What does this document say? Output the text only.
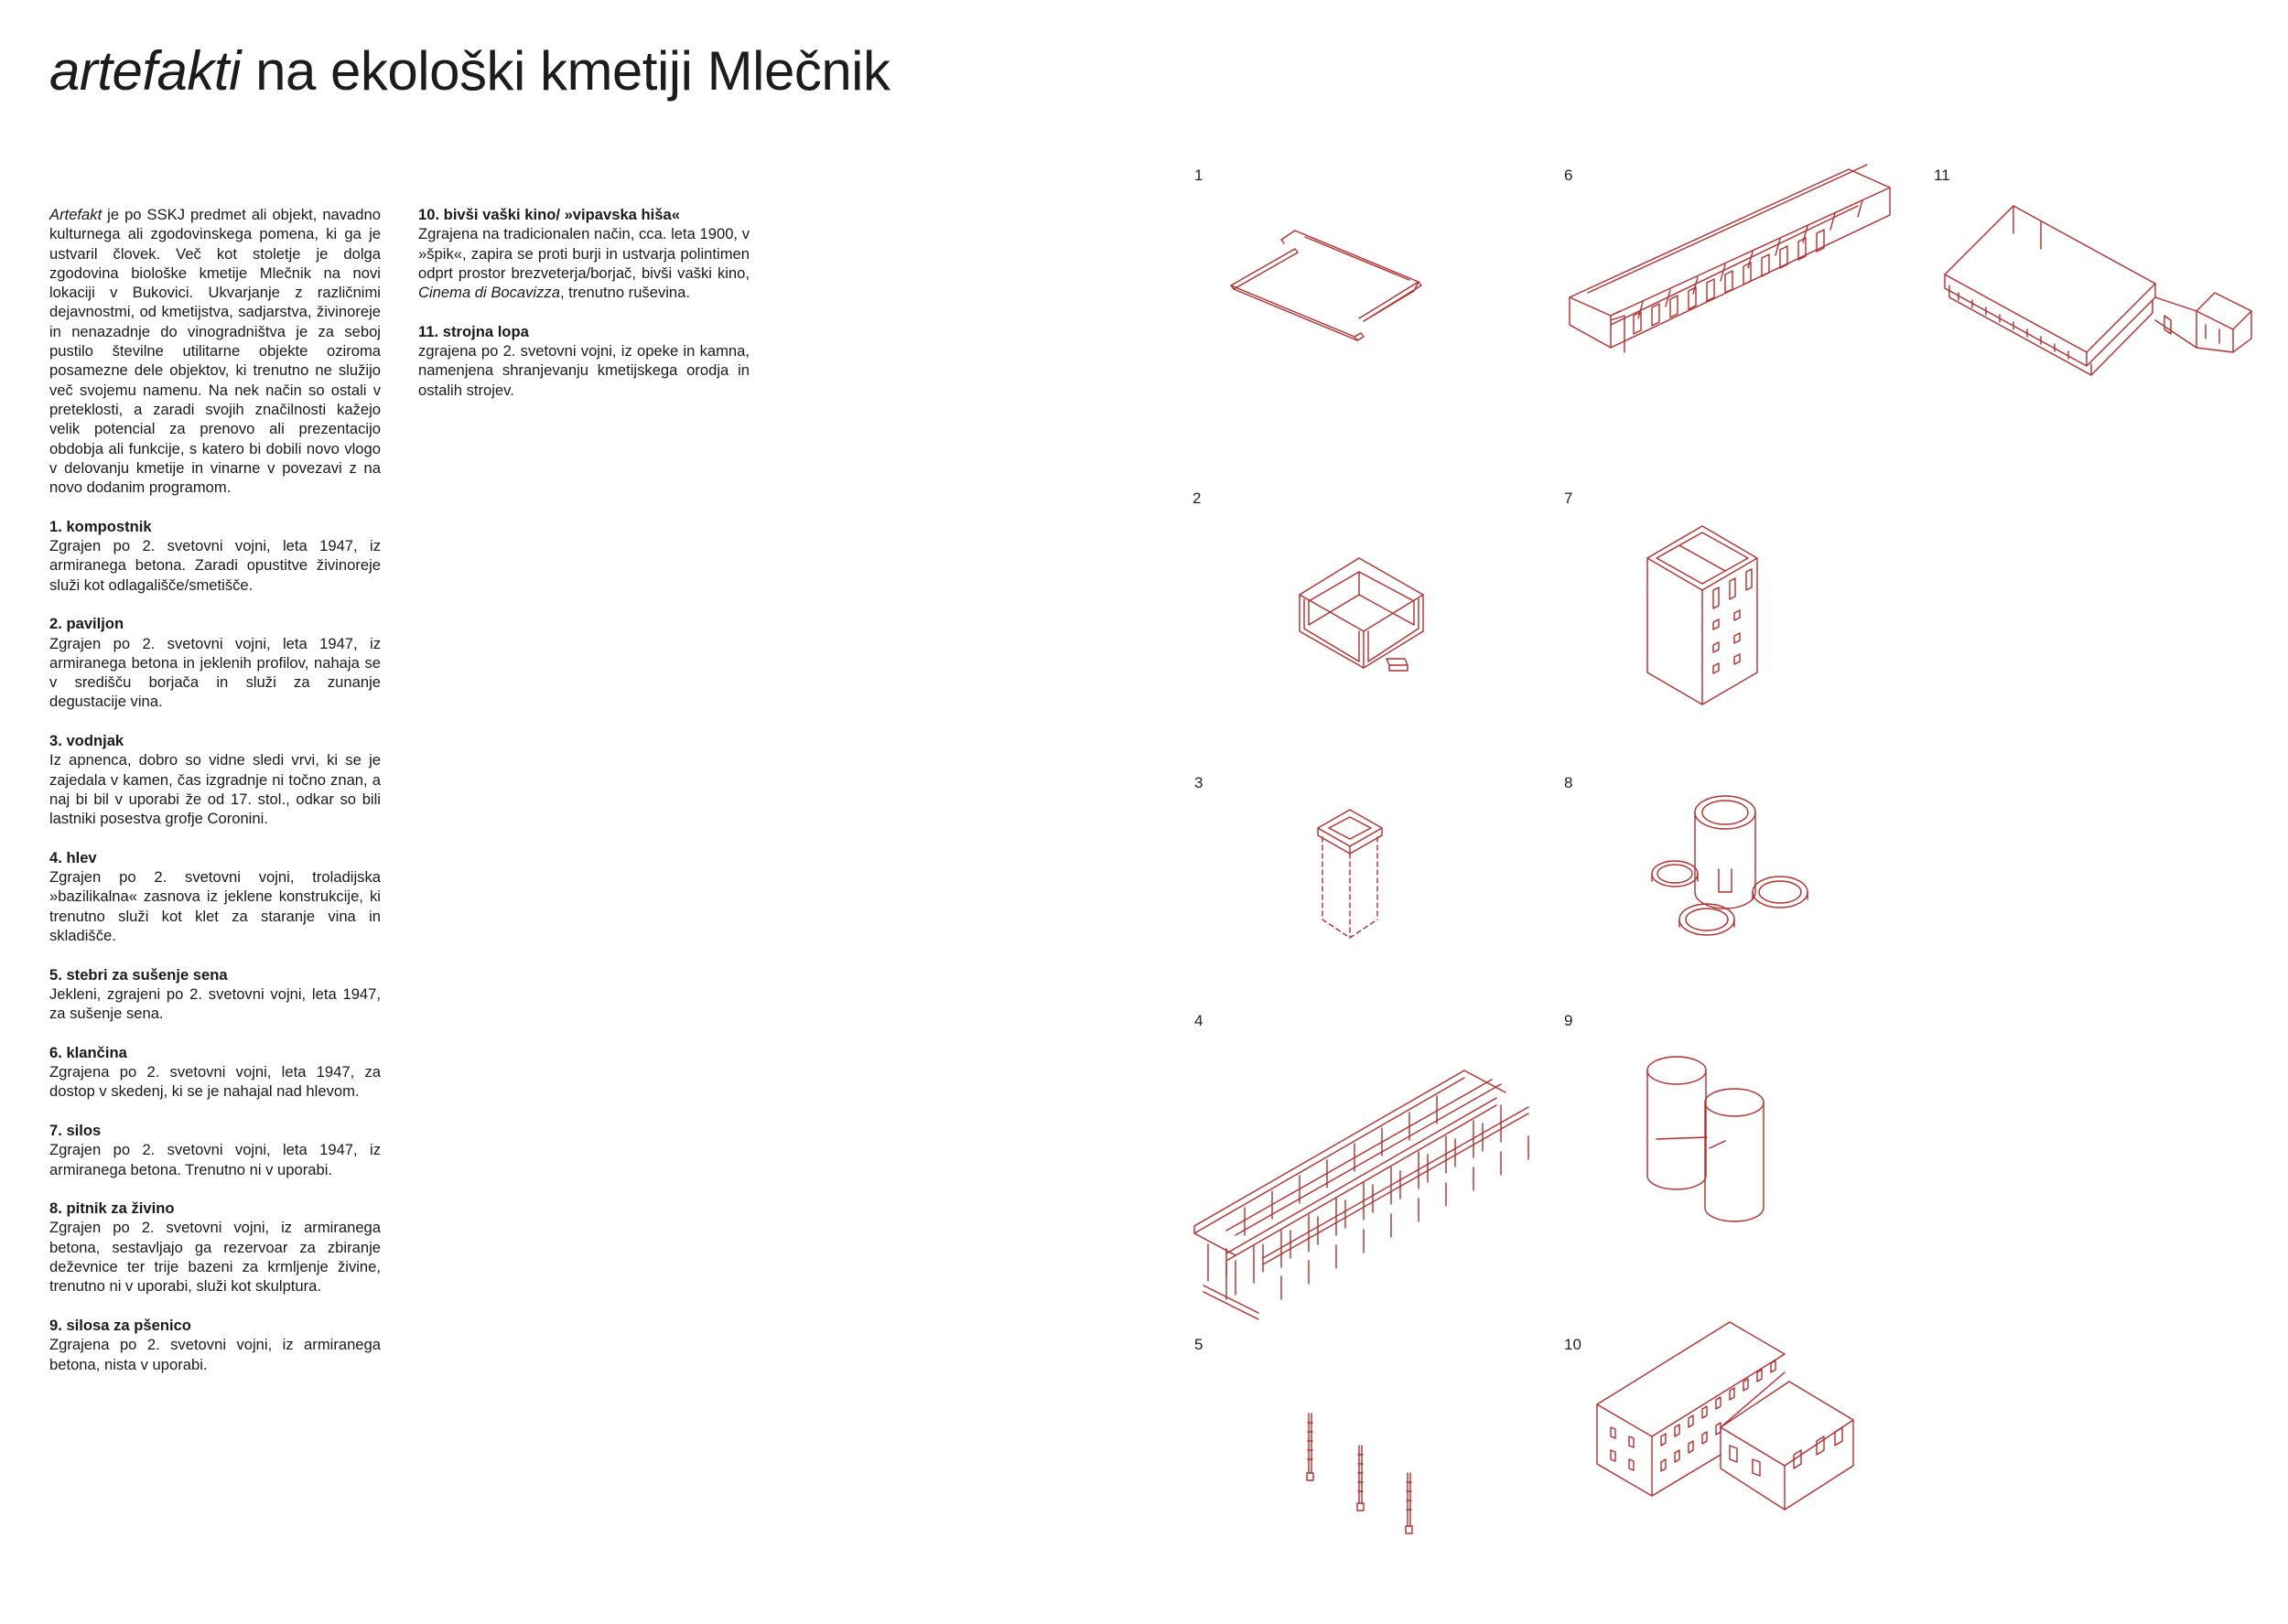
artefakti na ekološki kmetiji Mlečnik

Artefakt je po SSKJ predmet ali objekt, navadno kulturnega ali zgodovinskega pomena, ki ga je ustvaril človek. Več kot stoletje je dolga zgodovina biološke kmetije Mlečnik na novi lokaciji v Bukovici. Ukvarjanje z različnimi dejavnostmi, od kmetijstva, sadjarstva, živinoreje in nenazadnje do vinogradništva je za seboj pustilo številne utilitarne objekte oziroma posamezne dele objektov, ki trenutno ne služijo več svojemu namenu. Na nek način so ostali v preteklosti, a zaradi svojih značilnosti kažejo velik potencial za prenovo ali prezentacijo obdobja ali funkcije, s katero bi dobili novo vlogo v delovanju kmetije in vinarne v povezavi z na novo dodanim programom.

1. kompostnik
Zgrajen po 2. svetovni vojni, leta 1947, iz armiranega betona. Zaradi opustitve živinoreje služi kot odlagališče/smetišče.
2. paviljon
Zgrajen po 2. svetovni vojni, leta 1947, iz armiranega betona in jeklenih profilov, nahaja se v središču borjača in služi za zunanje degustacije vina.
3. vodnjak
Iz apnenca, dobro so vidne sledi vrvi, ki se je zajedala v kamen, čas izgradnje ni točno znan, a naj bi bil v uporabi že od 17. stol., odkar so bili lastniki posestva grofje Coronini.
4. hlev
Zgrajen po 2. svetovni vojni, troladijska »bazilikalna« zasnova iz jeklene konstrukcije, ki trenutno služi kot klet za staranje vina in skladišče.
5. stebri za sušenje sena
Jekleni, zgrajeni po 2. svetovni vojni, leta 1947, za sušenje sena.
6. klančina
Zgrajena po 2. svetovni vojni, leta 1947, za dostop v skedenj, ki se je nahajal nad hlevom.
7. silos
Zgrajen po 2. svetovni vojni, leta 1947, iz armiranega betona. Trenutno ni v uporabi.
8. pitnik za živino
Zgrajen po 2. svetovni vojni, iz armiranega betona, sestavljajo ga rezervoar za zbiranje deževnice ter trije bazeni za krmljenje živine, trenutno ni v uporabi, služi kot skulptura.
9. silosa za pšenico
Zgrajena po 2. svetovni vojni, iz armiranega betona, nista v uporabi.
10. bivši vaški kino/ »vipavska hiša«
Zgrajena na tradicionalen način, cca. leta 1900, v »špik«, zapira se proti burji in ustvarja polintimen odprt prostor brezveterja/borjač, bivši vaški kino, Cinema di Bocavizza, trenutno ruševina.
11. strojna lopa
zgrajena po 2. svetovni vojni, iz opeke in kamna, namenjena shranjevanju kmetijskega orodja in ostalih strojev.
1
2
3
4
5
6
7
8
9
10
11
